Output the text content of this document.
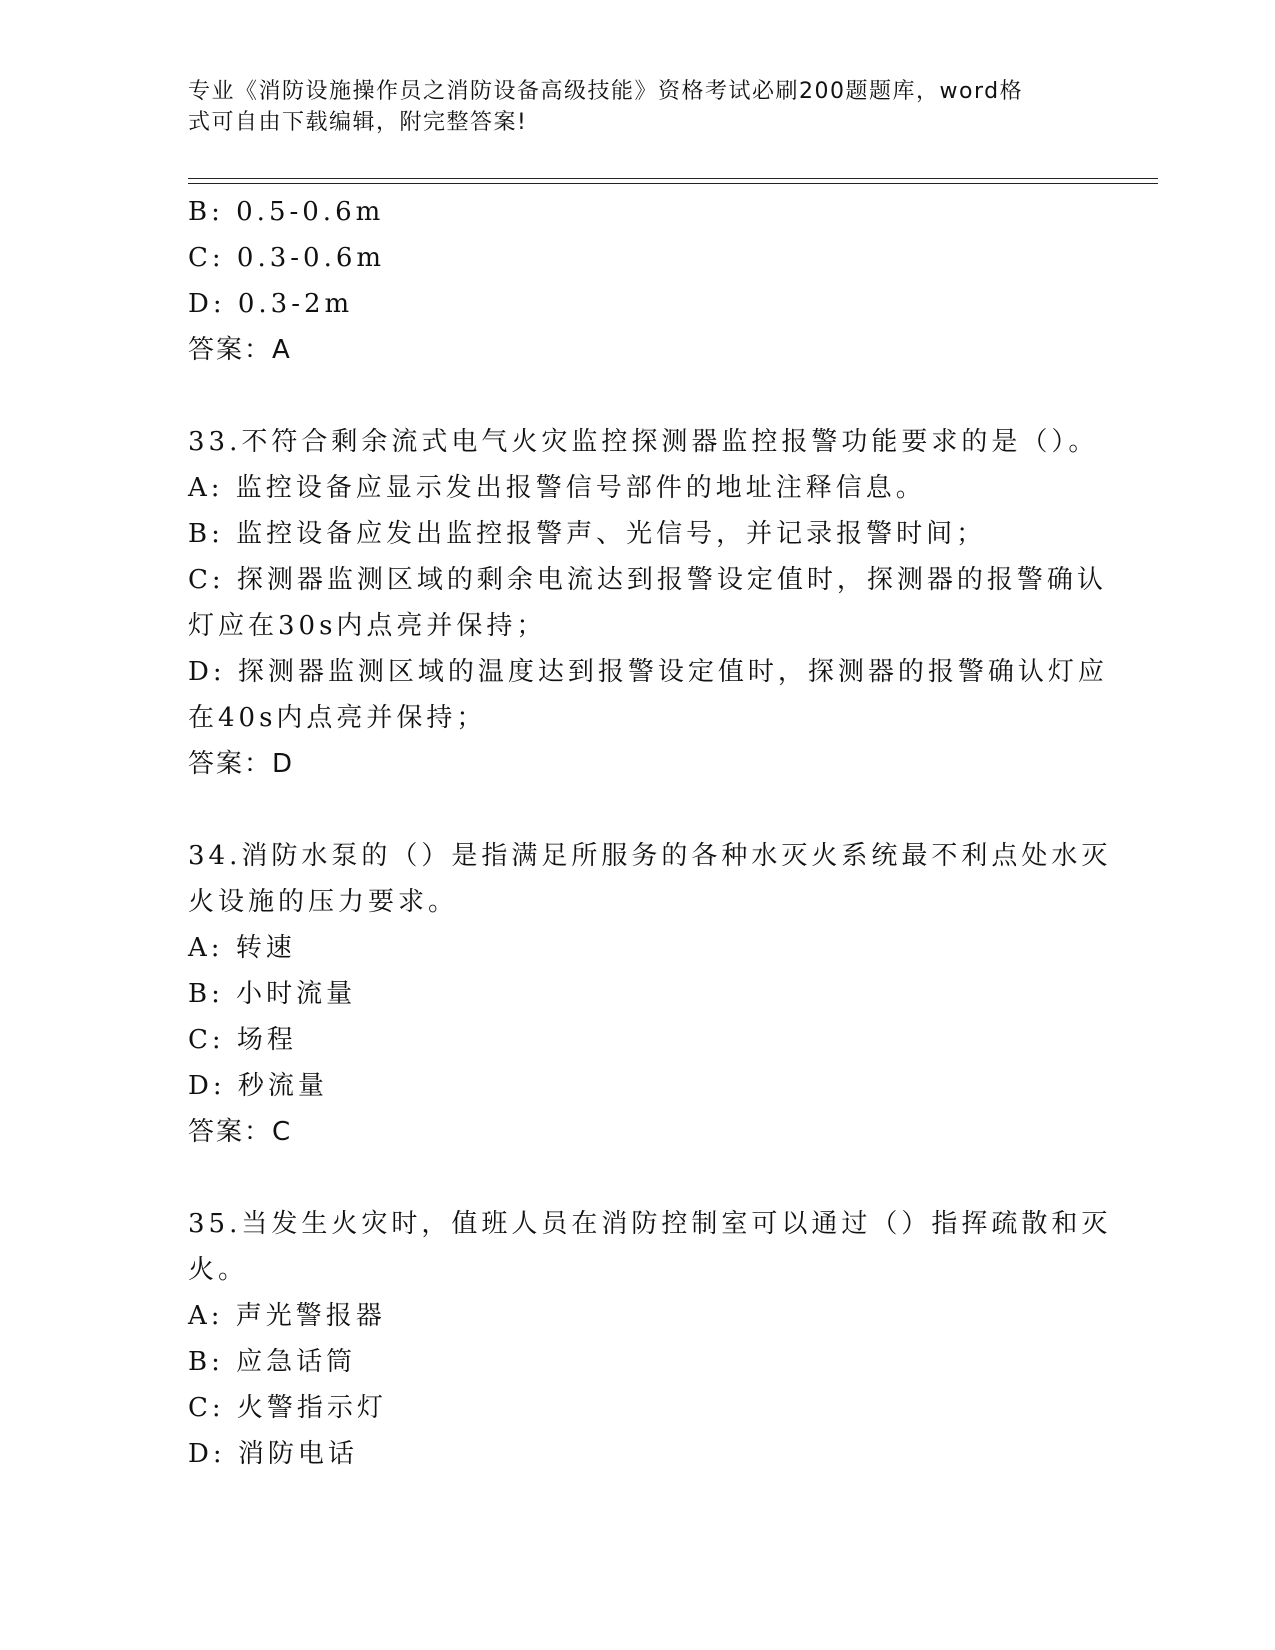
专业《消防设施操作员之消防设备高级技能》资格考试必刷200题题库，word格
式可自由下载编辑，附完整答案!
B: 0.5-0.6m
C: 0.3-0.6m
D: 0.3-2m
答案：A
33.不符合剩余流式电气火灾监控探测器监控报警功能要求的是（）。
A: 监控设备应显示发出报警信号部件的地址注释信息。
B: 监控设备应发出监控报警声、光信号，并记录报警时间；
C: 探测器监测区域的剩余电流达到报警设定值时，探测器的报警确认
灯应在30s内点亮并保持；
D: 探测器监测区域的温度达到报警设定值时，探测器的报警确认灯应
在40s内点亮并保持；
答案：D
34.消防水泵的（）是指满足所服务的各种水灭火系统最不利点处水灭
火设施的压力要求。
A: 转速
B: 小时流量
C: 场程
D: 秒流量
答案：C
35.当发生火灾时，值班人员在消防控制室可以通过（）指挥疏散和灭
火。
A: 声光警报器
B: 应急话筒
C: 火警指示灯
D: 消防电话
